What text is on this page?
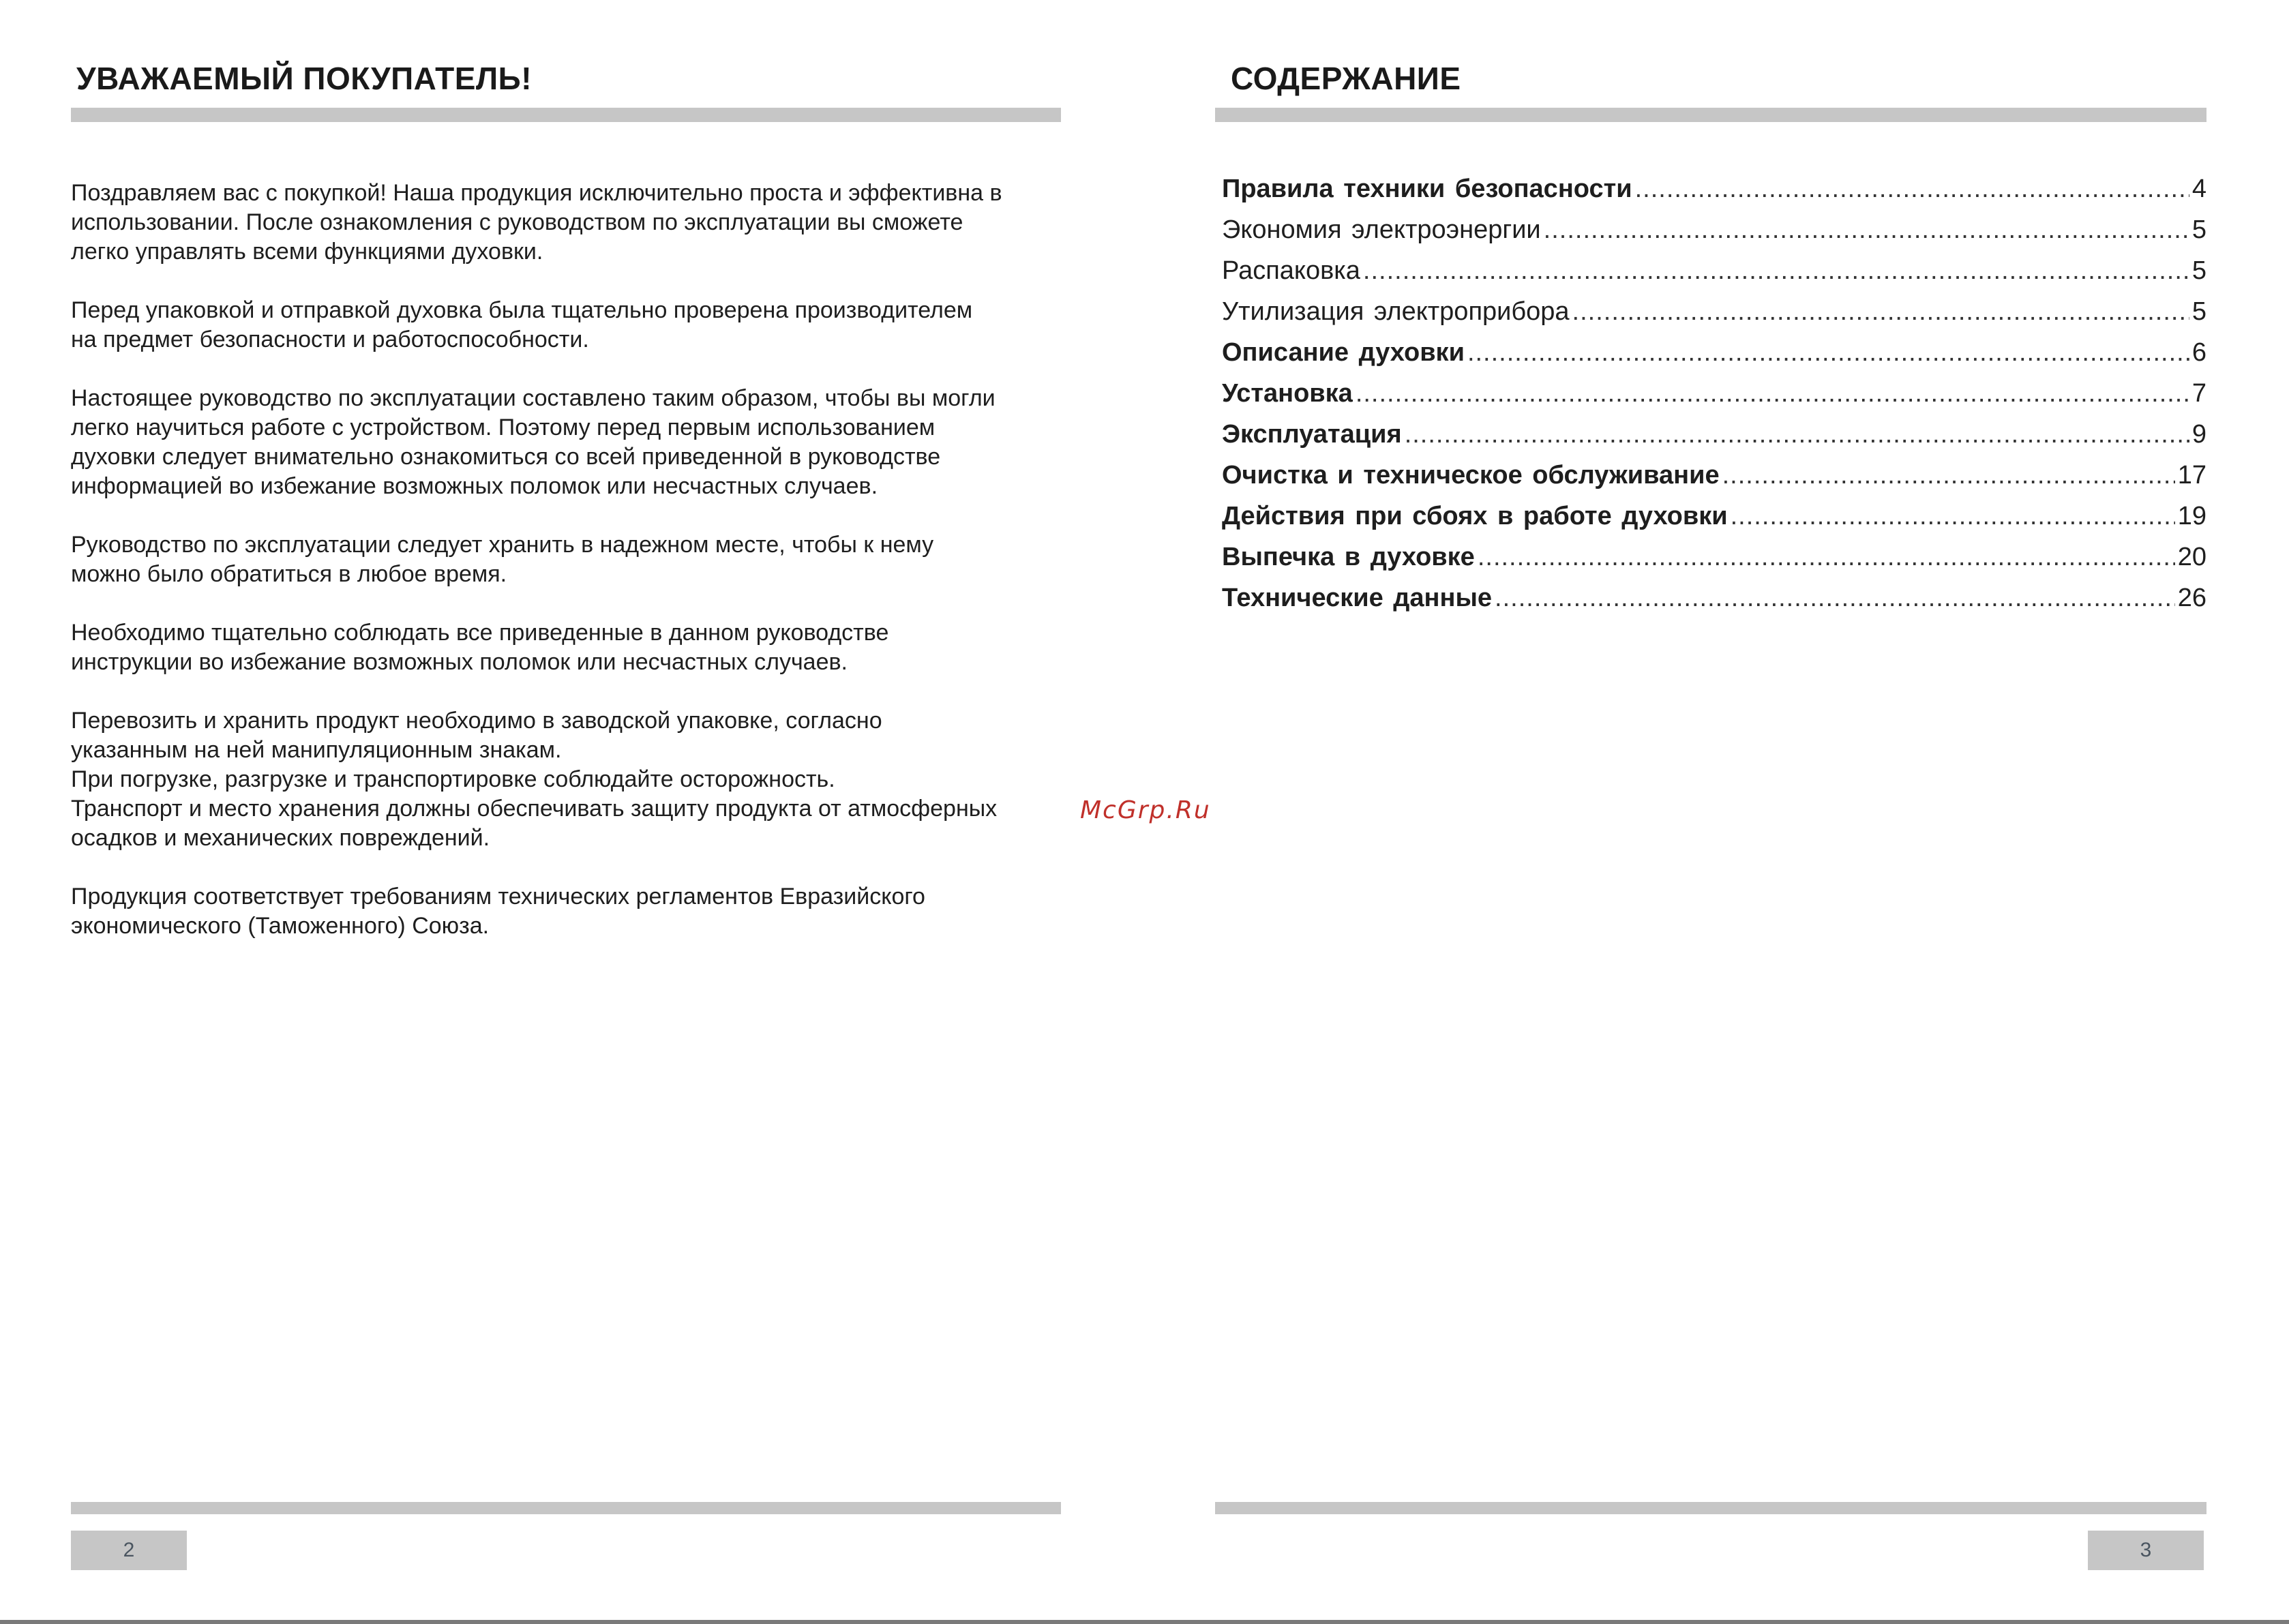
УВАЖАЕМЫЙ ПОКУПАТЕЛЬ!

Поздравляем вас с покупкой! Наша продукция исключительно проста и эффективна в
использовании. После ознакомления с руководством по эксплуатации вы сможете
легко управлять всеми функциями духовки.

Перед упаковкой и отправкой духовка была тщательно проверена производителем
на предмет безопасности и работоспособности.

Настоящее руководство по эксплуатации составлено таким образом, чтобы вы могли
легко научиться работе с устройством. Поэтому перед первым использованием
духовки следует внимательно ознакомиться со всей приведенной в руководстве
информацией во избежание возможных поломок или несчастных случаев.

Руководство по эксплуатации следует хранить в надежном месте, чтобы к нему
можно было обратиться в любое время.

Необходимо тщательно соблюдать все приведенные в данном руководстве
инструкции во избежание возможных поломок или несчастных случаев.

Перевозить и хранить продукт необходимо в заводской упаковке, согласно
указанным на ней манипуляционным знакам.
При погрузке, разгрузке и транспортировке соблюдайте осторожность.
Транспорт и место хранения должны обеспечивать защиту продукта от атмосферных
осадков и механических повреждений.

Продукция соответствует требованиям технических регламентов Евразийского
экономического (Таможенного) Союза.

2
McGrp.Ru
СОДЕРЖАНИЕ
Правила техники безопасности .....	4
Экономия электроэнергии .....	5
Распаковка .....	5
Утилизация электроприбора .....	5
Описание духовки .....	6
Установка .....	7
Эксплуатация .....	9
Очистка и техническое обслуживание .....	17
Действия при сбоях в работе духовки .....	19
Выпечка в духовке .....	20
Технические данные .....	26
3
